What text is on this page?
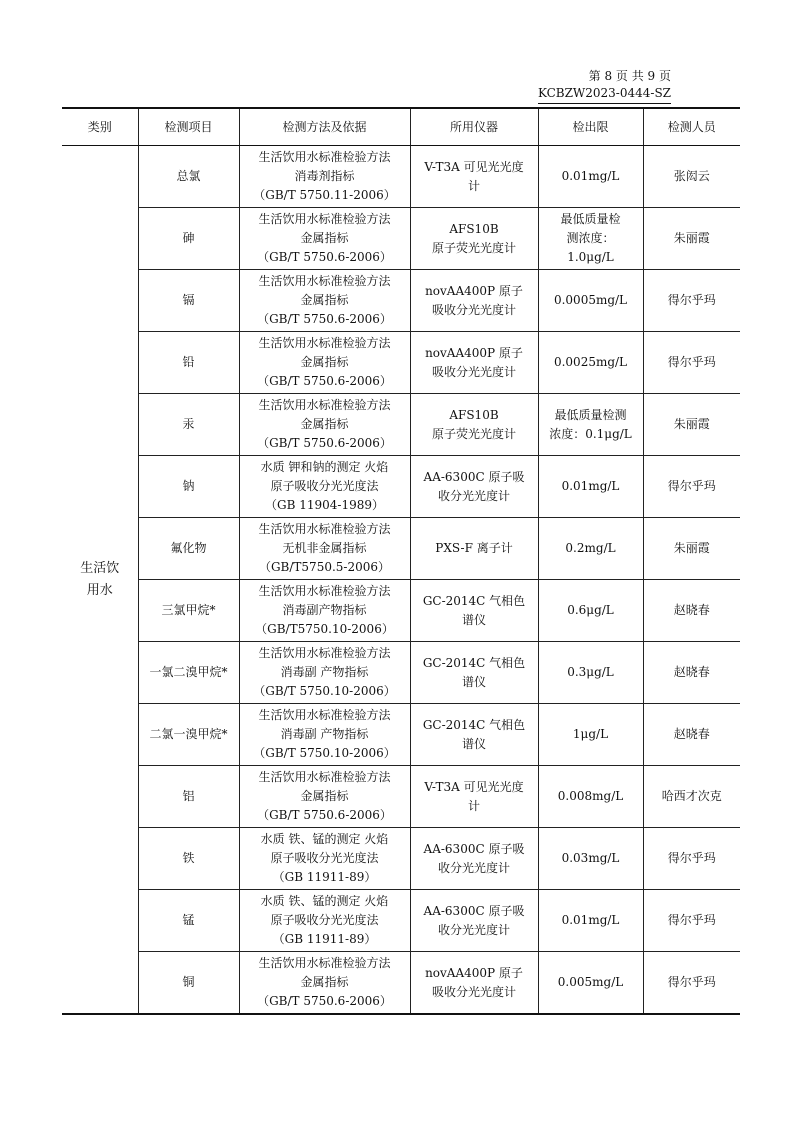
第 8 页 共 9 页
KCBZW2023-0444-SZ
类别	检测项目	检测方法及依据	所用仪器	检出限	检测人员
生活饮
用水	总氯	生活饮用水标准检验方法
消毒剂指标
（GB/T 5750.11-2006）	V-T3A 可见光光度
计	0.01mg/L	张闳云
	砷	生活饮用水标准检验方法
金属指标
（GB/T 5750.6-2006）	AFS10B
原子荧光光度计	最低质量检
测浓度：
1.0μg/L	朱丽霞
	镉	生活饮用水标准检验方法
金属指标
（GB/T 5750.6-2006）	novAA400P 原子
吸收分光光度计	0.0005mg/L	得尔乎玛
	铅	生活饮用水标准检验方法
金属指标
（GB/T 5750.6-2006）	novAA400P 原子
吸收分光光度计	0.0025mg/L	得尔乎玛
	汞	生活饮用水标准检验方法
金属指标
（GB/T 5750.6-2006）	AFS10B
原子荧光光度计	最低质量检测
浓度：0.1μg/L	朱丽霞
	钠	水质 钾和钠的测定 火焰
原子吸收分光光度法
（GB 11904-1989）	AA-6300C 原子吸
收分光光度计	0.01mg/L	得尔乎玛
	氟化物	生活饮用水标准检验方法
无机非金属指标
（GB/T5750.5-2006）	PXS-F 离子计	0.2mg/L	朱丽霞
	三氯甲烷*	生活饮用水标准检验方法
消毒副产物指标
（GB/T5750.10-2006）	GC-2014C 气相色
谱仪	0.6μg/L	赵晓春
	一氯二溴甲烷*	生活饮用水标准检验方法
消毒副 产物指标
（GB/T 5750.10-2006）	GC-2014C 气相色
谱仪	0.3μg/L	赵晓春
	二氯一溴甲烷*	生活饮用水标准检验方法
消毒副 产物指标
（GB/T 5750.10-2006）	GC-2014C 气相色
谱仪	1μg/L	赵晓春
	铝	生活饮用水标准检验方法
金属指标
（GB/T 5750.6-2006）	V-T3A 可见光光度
计	0.008mg/L	哈西才次克
	铁	水质 铁、锰的测定 火焰
原子吸收分光光度法
（GB 11911-89）	AA-6300C 原子吸
收分光光度计	0.03mg/L	得尔乎玛
	锰	水质 铁、锰的测定 火焰
原子吸收分光光度法
（GB 11911-89）	AA-6300C 原子吸
收分光光度计	0.01mg/L	得尔乎玛
	铜	生活饮用水标准检验方法
金属指标
（GB/T 5750.6-2006）	novAA400P 原子
吸收分光光度计	0.005mg/L	得尔乎玛
